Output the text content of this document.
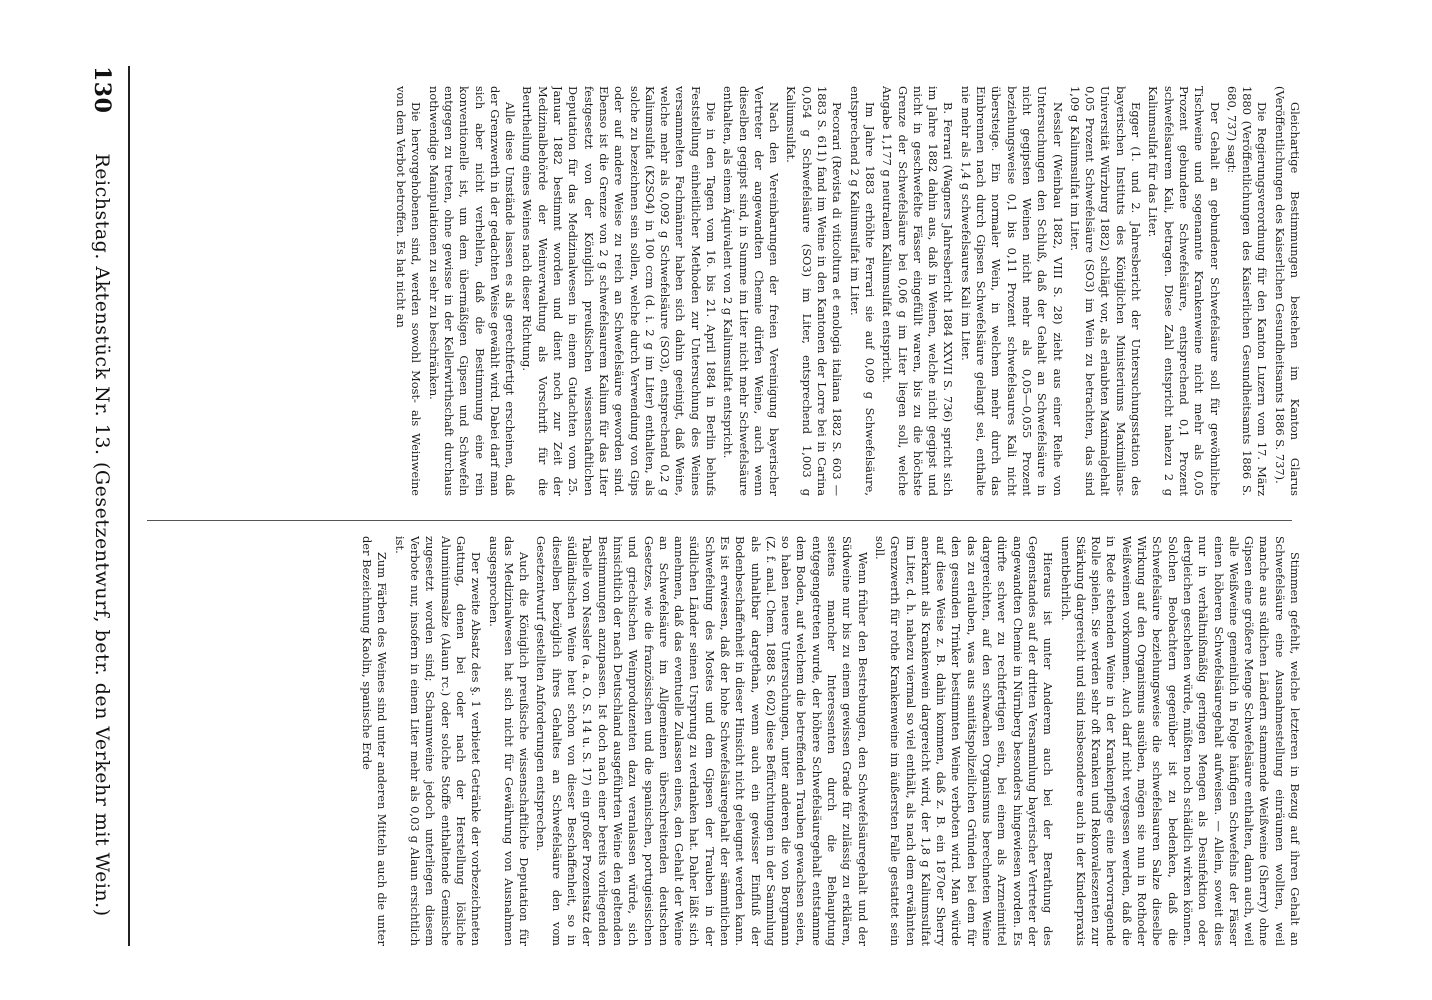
130
Reichstag. Aktenstück Nr. 13. (Gesetzentwurf, betr. den Verkehr mit Wein.)	Gleichartige Bestimmungen bestehen im Kanton Glarus (Veröffentlichungen des Kaiserlichen Gesundheitsamts 1886 S. 737).

Die Regierungsverordnung für den Kanton Luzern vom 17. März 1880 (Veröffentlichungen des Kaiserlichen Gesundheitsamts 1886 S. 680, 737) sagt:

Der Gehalt an gebundener Schwefelsäure soll für gewöhnliche Tischweine und sogenannte Krankenweine nicht mehr als 0,05 Prozent gebundene Schwefelsäure, entsprechend 0,1 Prozent schwefelsaurem Kali, betragen. Diese Zahl entspricht nahezu 2 g Kaliumsulfat für das Liter.

Egger (1. und 2. Jahresbericht der Untersuchungsstation des bayerischen Instituts des Königlichen Ministeriums Maximilians-Universität Würzburg 1882) schlägt vor, als erlaubten Maximalgehalt 0,05 Prozent Schwefelsäure (SO3) im Wein zu betrachten, das sind 1,09 g Kaliumsulfat im Liter.

Nessler (Weinbau 1882, VIII S. 28) zieht aus einer Reihe von Untersuchungen den Schluß, daß der Gehalt an Schwefelsäure in nicht gegipsten Weinen nicht mehr als 0,05—0,055 Prozent beziehungsweise 0,1 bis 0,11 Prozent schwefelsaures Kali nicht übersteige. Ein normaler Wein, in welchem mehr durch das Einbrennen nach durch Gipsen Schwefelsäure gelangt sei, enthalte nie mehr als 1,4 g schwefelsaures Kali im Liter.

B. Ferrari (Wagners Jahresbericht 1884 XXVII S. 736) spricht sich im Jahre 1882 dahin aus, daß in Weinen, welche nicht gegipst und nicht in geschwefelte Fässer eingefüllt waren, bis zu die höchste Grenze der Schwefelsäure bei 0,06 g im Liter liegen soll, welche Angabe 1,177 g neutralem Kaliumsulfat entspricht.

Im Jahre 1883 erhöhte Ferrari sie auf 0,09 g Schwefelsäure, entsprechend 2 g Kaliumsulfat im Liter.

Pecorari (Revista di viticoltura et enologia italiana 1882 S. 603 — 1883 S. 611) fand im Weine in den Kantonen der Lorre bei in Carina 0,054 g Schwefelsäure (SO3) im Liter, entsprechend 1,003 g Kaliumsulfat.

Nach den Vereinbarungen der freien Vereinigung bayerischer Vertreter der angewandten Chemie dürfen Weine, auch wenn dieselben gegipst sind, in Summe im Liter nicht mehr Schwefelsäure enthalten, als einem Äquivalent von 2 g Kaliumsulfat entspricht.

Die in den Tagen vom 16. bis 21. April 1884 in Berlin behufs Feststellung einheitlicher Methoden zur Untersuchung des Weines versammelten Fachmänner haben sich dahin geeinigt, daß Weine, welche mehr als 0,092 g Schwefelsäure (SO3), entsprechend 0,2 g Kaliumsulfat (K2SO4) in 100 ccm (d. i. 2 g im Liter) enthalten, als solche zu bezeichnen sein sollen, welche durch Verwendung von Gips oder auf andere Weise zu reich an Schwefelsäure geworden sind. Ebenso ist die Grenze von 2 g schwefelsaurem Kalium für das Liter festgesetzt von der Königlich preußischen wissenschaftlichen Deputation für das Medizinalwesen in einem Gutachten vom 25. Januar 1882 bestimmt worden und dient noch zur Zeit der Medizinalbehörde der Weinverwaltung als Vorschrift für die Beurtheilung eines Weines nach dieser Richtung.

Alle diese Umstände lassen es als gerechtfertigt erscheinen, daß der Grenzwerth in der gedachten Weise gewählt wird. Dabei darf man sich aber nicht verhehlen, daß die Bestimmung eine rein konventionelle ist, um dem übermäßigen Gipsen und Schwefeln entgegen zu treten, ohne gewisse in der Kellerwirthschaft durchaus nothwendige Manipulationen zu sehr zu beschränken.

Die hervorgehobenen sind, werden sowohl Most- als Weinweine von dem Verbot betroffen. Es hat nicht an

Stimmen gefehlt, welche letzteren in Bezug auf ihren Gehalt an Schwefelsäure eine Ausnahmestellung einräumen wollten, weil manche aus südlichen Ländern stammende Weißweine (Sherry) ohne Gipsen eine größere Menge Schwefelsäure enthalten, dann auch, weil alle Weißweine gemeinlich in Folge häufigen Schwefelns der Fässer einen höheren Schwefelsäuregehalt aufweisen. — Allein, soweit dies nur in verhältnißmäßig geringen Mengen als Desinfektion oder dergleichen geschehen würde, müßten noch schädlich wirken können. Solchen Beobachtern gegenüber ist zu bedenken, daß die Schwefelsäure beziehungsweise die schwefelsauren Salze dieselbe Wirkung auf den Organismus ausüben, mögen sie nun in Rothoder Weißweinen vorkommen. Auch darf nicht vergessen werden, daß die in Rede stehenden Weine in der Krankenpflege eine hervorragende Rolle spielen. Sie werden sehr oft Kranken und Rekonvaleszenten zur Stärkung dargereicht und sind insbesondere auch in der Kinderpraxis unentbehrlich.

Hieraus ist unter Anderem auch bei der Berathung des Gegenstandes auf der dritten Versammlung bayerischer Vertreter der angewandten Chemie in Nürnberg besonders hingewiesen worden. Es dürfte schwer zu rechtfertigen sein, bei einem als Arzneimittel dargereichten, auf den schwachen Organismus berechneten Weine das zu erlauben, was aus sanitätspolizeilichen Gründen bei dem für den gesunden Trinker bestimmten Weine verboten wird. Man würde auf diese Weise z. B. dahin kommen, daß z. B. ein 1870er Sherry anerkannt als Krankenwein dargereicht wird, der 1,8 g Kaliumsulfat im Liter, d. h. nahezu viermal so viel enthält, als nach dem erwähnten Grenzwerth für rothe Krankenweine im äußersten Falle gestattet sein soll.

Wenn früher den Bestrebungen, den Schwefelsäuregehalt und der Südweine nur bis zu einem gewissen Grade für zulässig zu erklären, seitens mancher Interessenten durch die Behauptung entgegengetreten wurde, der höhere Schwefelsäuregehalt entstamme dem Boden, auf welchem die betreffenden Trauben gewachsen seien, so haben neuere Untersuchungen, unter anderen die von Borgmann (Z. f. anal. Chem. 1888 S. 602) diese Befürchtungen in der Sammlung als unhaltbar dargethan, wenn auch ein gewisser Einfluß der Bodenbeschaffenheit in dieser Hinsicht nicht geleugnet werden kann. Es ist erwiesen, daß der hohe Schwefelsäuregehalt der sämmtlichen Schwefelung des Mostes und dem Gipsen der Trauben in der südlichen Länder seinen Ursprung zu verdanken hat. Daher läßt sich annehmen, daß das eventuelle Zulassen eines, den Gehalt der Weine an Schwefelsäure im Allgemeinen überschreitenden deutschen Gesetzes, wie die französischen und die spanischen, portugiesischen und griechischen Weinproduzenten dazu veranlassen würde, sich hinsichtlich der nach Deutschland ausgeführten Weine den geltenden Bestimmungen anzupassen. Ist doch nach einer bereits vorliegenden Tabelle von Nessler (a. a. O. S. 14 u. S. 17) ein großer Prozentsatz der südländischen Weine heut schon von dieser Beschaffenheit, so in dieselben bezüglich ihres Gehaltes an Schwefelsäure den vom Gesetzentwurf gestellten Anforderungen entsprechen.

Auch die Königlich preußische wissenschaftliche Deputation für das Medizinalwesen hat sich nicht für Gewährung von Ausnahmen ausgesprochen.

Der zweite Absatz des §. 1 verbietet Getränke der vorbezeichneten Gattung, denen bei oder nach der Herstellung lösliche Aluminiumsalze (Alaun rc.) oder solche Stoffe enthaltende Gemische zugesetzt worden sind; Schaumweine jedoch unterliegen diesem Verbote nur, insofern in einem Liter mehr als 0,03 g Alaun ersichtlich ist.

Zum Färben des Weines sind unter anderen Mitteln auch die unter der Bezeichnung Kaolin, spanische Erde
